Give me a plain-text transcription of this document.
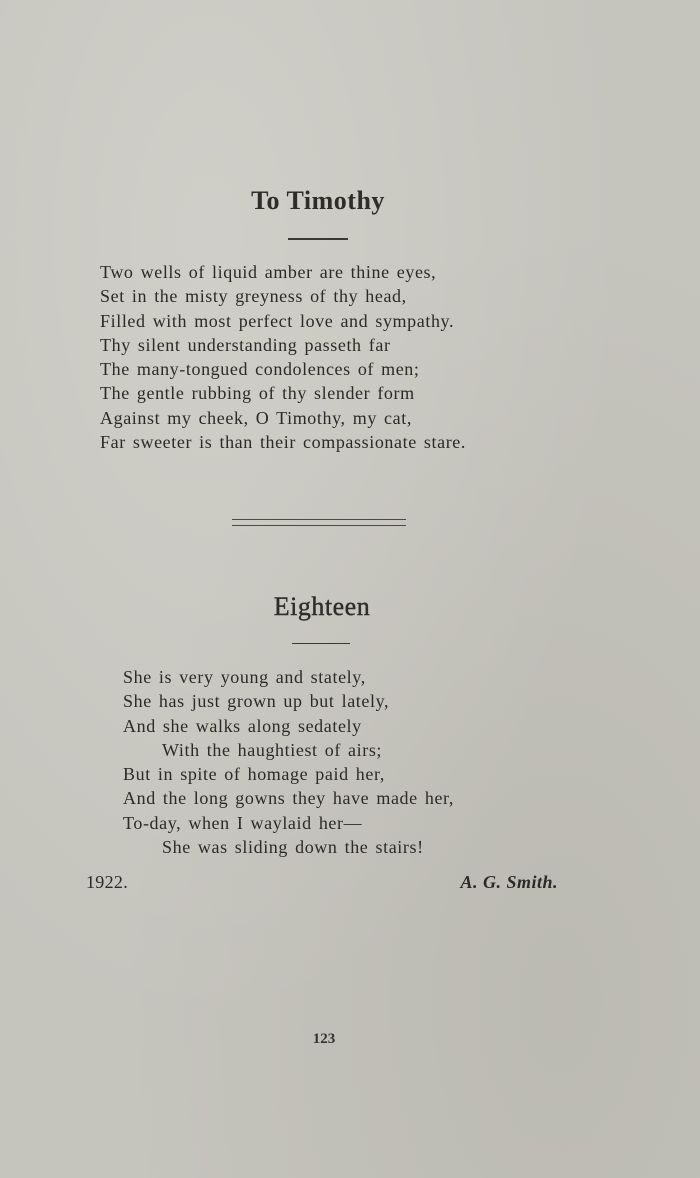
To Timothy
Two wells of liquid amber are thine eyes,
Set in the misty greyness of thy head,
Filled with most perfect love and sympathy.
Thy silent understanding passeth far
The many-tongued condolences of men;
The gentle rubbing of thy slender form
Against my cheek, O Timothy, my cat,
Far sweeter is than their compassionate stare.
Eighteen
She is very young and stately,
She has just grown up but lately,
And she walks along sedately
With the haughtiest of airs;
But in spite of homage paid her,
And the long gowns they have made her,
To-day, when I waylaid her—
She was sliding down the stairs!
1922.	A. G. Smith.
123
